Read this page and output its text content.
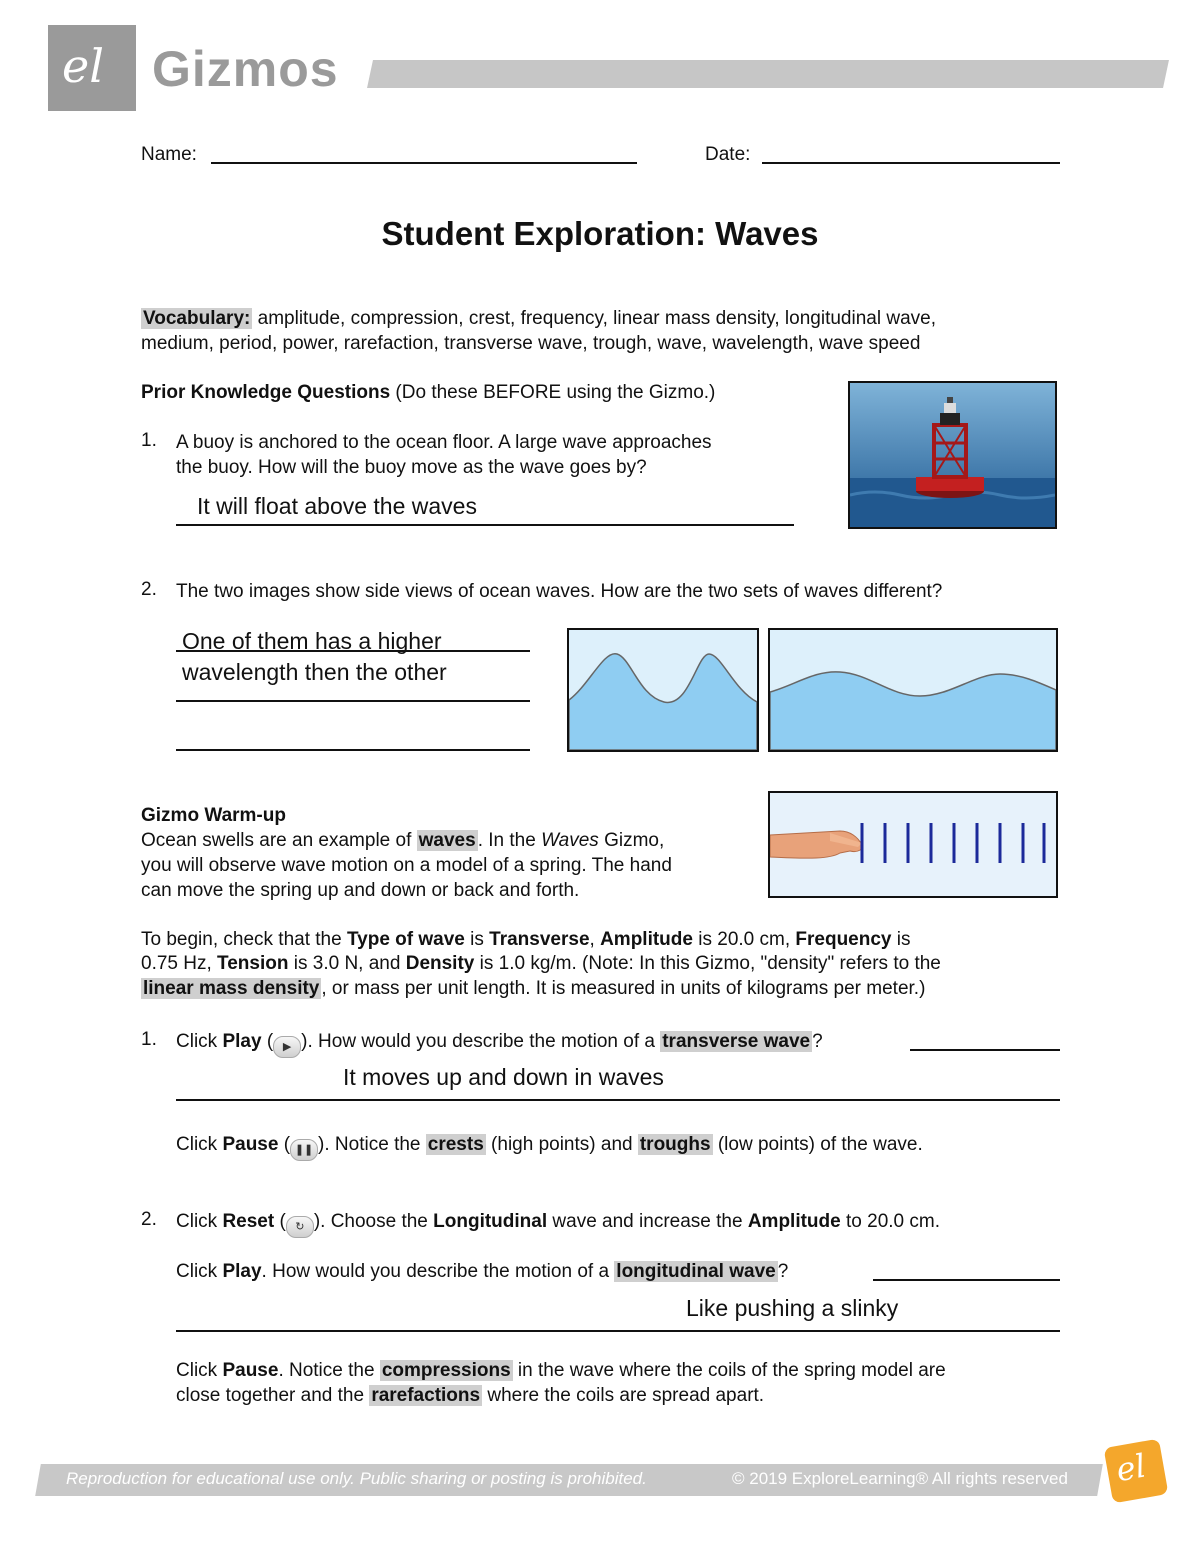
el Gizmos
Name:	Date:
Student Exploration: Waves
Vocabulary: amplitude, compression, crest, frequency, linear mass density, longitudinal wave,
medium, period, power, rarefaction, transverse wave, trough, wave, wavelength, wave speed
Prior Knowledge Questions (Do these BEFORE using the Gizmo.)
1. A buoy is anchored to the ocean floor. A large wave approaches
the buoy. How will the buoy move as the wave goes by?
It will float above the waves
2. The two images show side views of ocean waves. How are the two sets of waves different?
One of them has a higher
wavelength then the other
Gizmo Warm-up
Ocean swells are an example of waves . In the Waves Gizmo,
you will observe wave motion on a model of a spring. The hand
can move the spring up and down or back and forth.
To begin, check that the Type of wave is Transverse, Amplitude is 20.0 cm, Frequency is
0.75 Hz, Tension is 3.0 N, and Density is 1.0 kg/m. (Note: In this Gizmo, "density" refers to the
linear mass density , or mass per unit length. It is measured in units of kilograms per meter.)
1. Click Play ( ▶ ). How would you describe the motion of a transverse wave ?
It moves up and down in waves
Click Pause ( ❚❚ ). Notice the crests (high points) and troughs (low points) of the wave.
2. Click Reset ( ↻ ). Choose the Longitudinal wave and increase the Amplitude to 20.0 cm.
Click Play. How would you describe the motion of a longitudinal wave ?
Like pushing a slinky
Click Pause. Notice the compressions in the wave where the coils of the spring model are
close together and the rarefactions where the coils are spread apart.
Reproduction for educational use only. Public sharing or posting is prohibited.	© 2019 ExploreLearning® All rights reserved el
